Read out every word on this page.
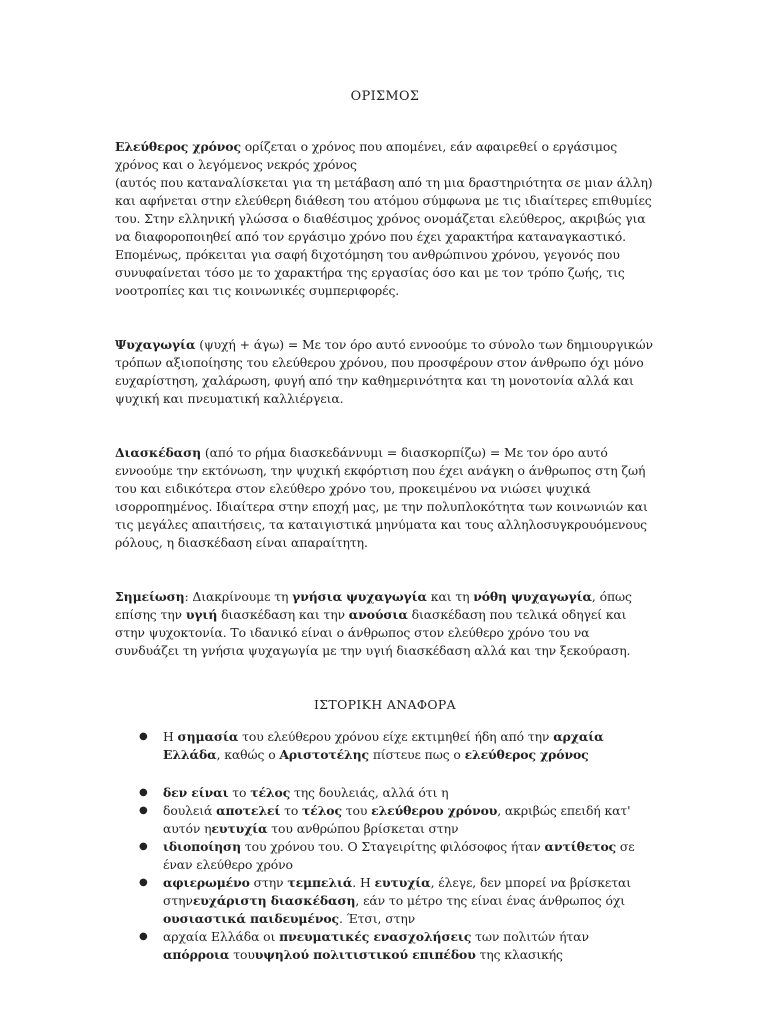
ΟΡΙΣΜΟΣ

Ελεύθερος χρόνος ορίζεται ο χρόνος που απομένει, εάν αφαιρεθεί ο εργάσιμος χρόνος και ο λεγόμενος νεκρός χρόνος
(αυτός που καταναλίσκεται για τη μετάβαση από τη μια δραστηριότητα σε μιαν άλλη) και αφήνεται στην ελεύθερη διάθεση του ατόμου σύμφωνα με τις ιδιαίτερες επιθυμίες του. Στην ελληνική γλώσσα ο διαθέσιμος χρόνος ονομάζεται ελεύθερος, ακριβώς για να διαφοροποιηθεί από τον εργάσιμο χρόνο που έχει χαρακτήρα καταναγκαστικό. Επομένως, πρόκειται για σαφή διχοτόμηση του ανθρώπινου χρόνου, γεγονός που συνυφαίνεται τόσο με το χαρακτήρα της εργασίας όσο και με τον τρόπο ζωής, τις νοοτροπίες και τις κοινωνικές συμπεριφορές.

Ψυχαγωγία (ψυχή + άγω) = Με τον όρο αυτό εννοούμε το σύνολο των δημιουργικών τρόπων αξιοποίησης του ελεύθερου χρόνου, που προσφέρουν στον άνθρωπο όχι μόνο ευχαρίστηση, χαλάρωση, φυγή από την καθημερινότητα και τη μονοτονία αλλά και ψυχική και πνευματική καλλιέργεια.

Διασκέδαση (από το ρήμα διασκεδάννυμι = διασκορπίζω) = Με τον όρο αυτό εννοούμε την εκτόνωση, την ψυχική εκφόρτιση που έχει ανάγκη ο άνθρωπος στη ζωή του και ειδικότερα στον ελεύθερο χρόνο του, προκειμένου να νιώσει ψυχικά ισορροπημένος. Ιδιαίτερα στην εποχή μας, με την πολυπλοκότητα των κοινωνιών και τις μεγάλες απαιτήσεις, τα καταιγιστικά μηνύματα και τους αλληλοσυγκρουόμενους ρόλους, η διασκέδαση είναι απαραίτητη.

Σημείωση: Διακρίνουμε τη γνήσια ψυχαγωγία και τη νόθη ψυχαγωγία, όπως επίσης την υγιή διασκέδαση και την ανούσια διασκέδαση που τελικά οδηγεί και στην ψυχοκτονία. Το ιδανικό είναι ο άνθρωπος στον ελεύθερο χρόνο του να συνδυάζει τη γνήσια ψυχαγωγία με την υγιή διασκέδαση αλλά και την ξεκούραση.

ΙΣΤΟΡΙΚΗ ΑΝΑΦΟΡΑ
● Η σημασία του ελεύθερου χρόνου είχε εκτιμηθεί ήδη από την αρχαία Ελλάδα, καθώς ο Αριστοτέλης πίστευε πως ο ελεύθερος χρόνος
● δεν είναι το τέλος της δουλειάς, αλλά ότι η
● δουλειά αποτελεί το τέλος του ελεύθερου χρόνου, ακριβώς επειδή κατ' αυτόν ηευτυχία του ανθρώπου βρίσκεται στην
● ιδιοποίηση του χρόνου του. Ο Σταγειρίτης φιλόσοφος ήταν αντίθετος σε έναν ελεύθερο χρόνο
● αφιερωμένο στην τεμπελιά. Η ευτυχία, έλεγε, δεν μπορεί να βρίσκεται στηνευχάριστη διασκέδαση, εάν το μέτρο της είναι ένας άνθρωπος όχι ουσιαστικά παιδευμένος. Έτσι, στην
● αρχαία Ελλάδα οι πνευματικές ενασχολήσεις των πολιτών ήταν απόρροια τουυψηλού πολιτιστικού επιπέδου της κλασικής
